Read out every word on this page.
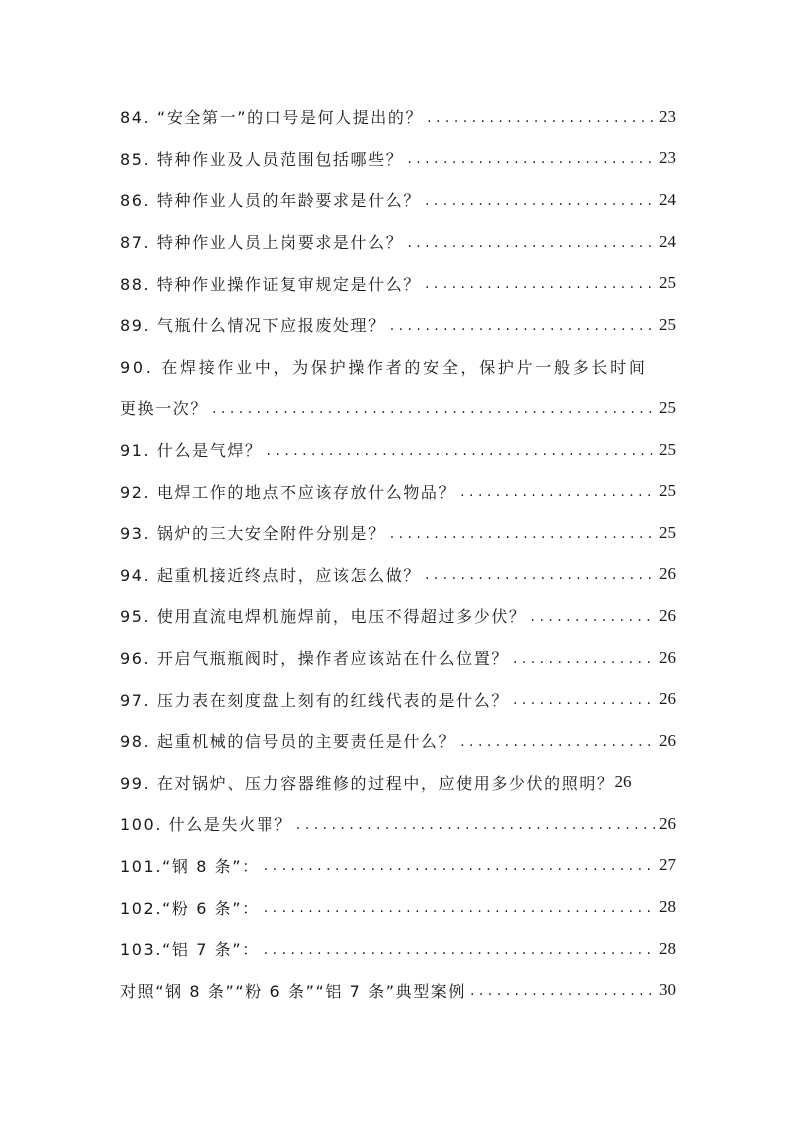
84. “安全第一”的口号是何人提出的？ . . .	23
85. 特种作业及人员范围包括哪些？ . . .	23
86. 特种作业人员的年龄要求是什么？ . . .	24
87. 特种作业人员上岗要求是什么？ . . .	24
88. 特种作业操作证复审规定是什么？ . . .	25
89. 气瓶什么情况下应报废处理？ . . .	25
90. 在焊接作业中，为保护操作者的安全，保护片一般多长时间
更换一次？ . . .	25
91. 什么是气焊？ . . .	25
92. 电焊工作的地点不应该存放什么物品？ . . .	25
93. 锅炉的三大安全附件分别是？ . . .	25
94. 起重机接近终点时，应该怎么做？ . . .	26
95. 使用直流电焊机施焊前，电压不得超过多少伏？ . . .	26
96. 开启气瓶瓶阀时，操作者应该站在什么位置？ . . .	26
97. 压力表在刻度盘上刻有的红线代表的是什么？ . . .	26
98. 起重机械的信号员的主要责任是什么？ . . .	26
99. 在对锅炉、压力容器维修的过程中，应使用多少伏的照明？ 26
100. 什么是失火罪？ . . .	26
101.“钢 8 条”： . . .	27
102.“粉 6 条”： . . .	28
103.“铝 7 条”： . . .	28
对照“钢 8 条”“粉 6 条”“铝 7 条”典型案例 . . .	30
